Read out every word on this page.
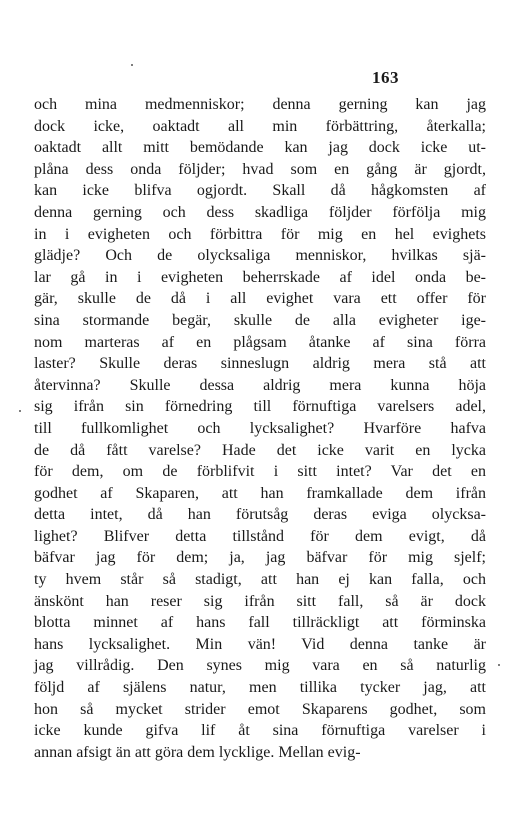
163
och mina medmenniskor; denna gerning kan jag
dock icke, oaktadt all min förbättring, återkalla;
oaktadt allt mitt bemödande kan jag dock icke ut-
plåna dess onda följder; hvad som en gång är gjordt,
kan icke blifva ogjordt. Skall då hågkomsten af
denna gerning och dess skadliga följder förfölja mig
in i evigheten och förbittra för mig en hel evighets
glädje? Och de olycksaliga menniskor, hvilkas sjä-
lar gå in i evigheten beherrskade af idel onda be-
gär, skulle de då i all evighet vara ett offer för
sina stormande begär, skulle de alla evigheter ige-
nom marteras af en plågsam åtanke af sina förra
laster? Skulle deras sinneslugn aldrig mera stå att
återvinna? Skulle dessa aldrig mera kunna höja
sig ifrån sin förnedring till förnuftiga varelsers adel,
till fullkomlighet och lycksalighet? Hvarföre hafva
de då fått varelse? Hade det icke varit en lycka
för dem, om de förblifvit i sitt intet? Var det en
godhet af Skaparen, att han framkallade dem ifrån
detta intet, då han förutsåg deras eviga olycksa-
lighet? Blifver detta tillstånd för dem evigt, då
bäfvar jag för dem; ja, jag bäfvar för mig sjelf;
ty hvem står så stadigt, att han ej kan falla, och
änskönt han reser sig ifrån sitt fall, så är dock
blotta minnet af hans fall tillräckligt att förminska
hans lycksalighet. Min vän! Vid denna tanke är
jag villrådig. Den synes mig vara en så naturlig
följd af själens natur, men tillika tycker jag, att
hon så mycket strider emot Skaparens godhet, som
icke kunde gifva lif åt sina förnuftiga varelser i
annan afsigt än att göra dem lycklige. Mellan evig-
